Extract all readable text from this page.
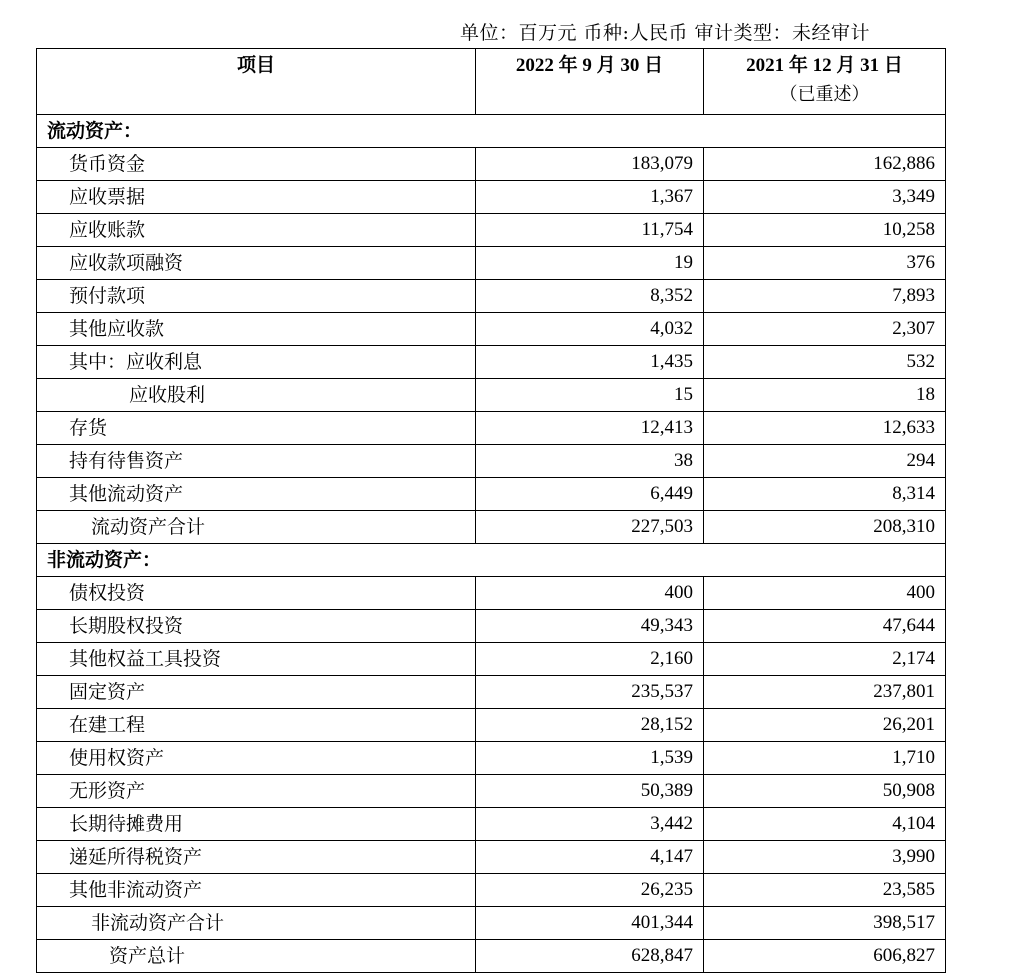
单位：百万元 币种:人民币 审计类型：未经审计
项目	2022 年 9 月 30 日	2021 年 12 月 31 日
（已重述）

流动资产：		
货币资金	183,079	162,886
应收票据	1,367	3,349
应收账款	11,754	10,258
应收款项融资	19	376
预付款项	8,352	7,893
其他应收款	4,032	2,307
其中：应收利息	1,435	532
应收股利	15	18
存货	12,413	12,633
持有待售资产	38	294
其他流动资产	6,449	8,314
流动资产合计	227,503	208,310
非流动资产：		
债权投资	400	400
长期股权投资	49,343	47,644
其他权益工具投资	2,160	2,174
固定资产	235,537	237,801
在建工程	28,152	26,201
使用权资产	1,539	1,710
无形资产	50,389	50,908
长期待摊费用	3,442	4,104
递延所得税资产	4,147	3,990
其他非流动资产	26,235	23,585
非流动资产合计	401,344	398,517
资产总计	628,847	606,827
